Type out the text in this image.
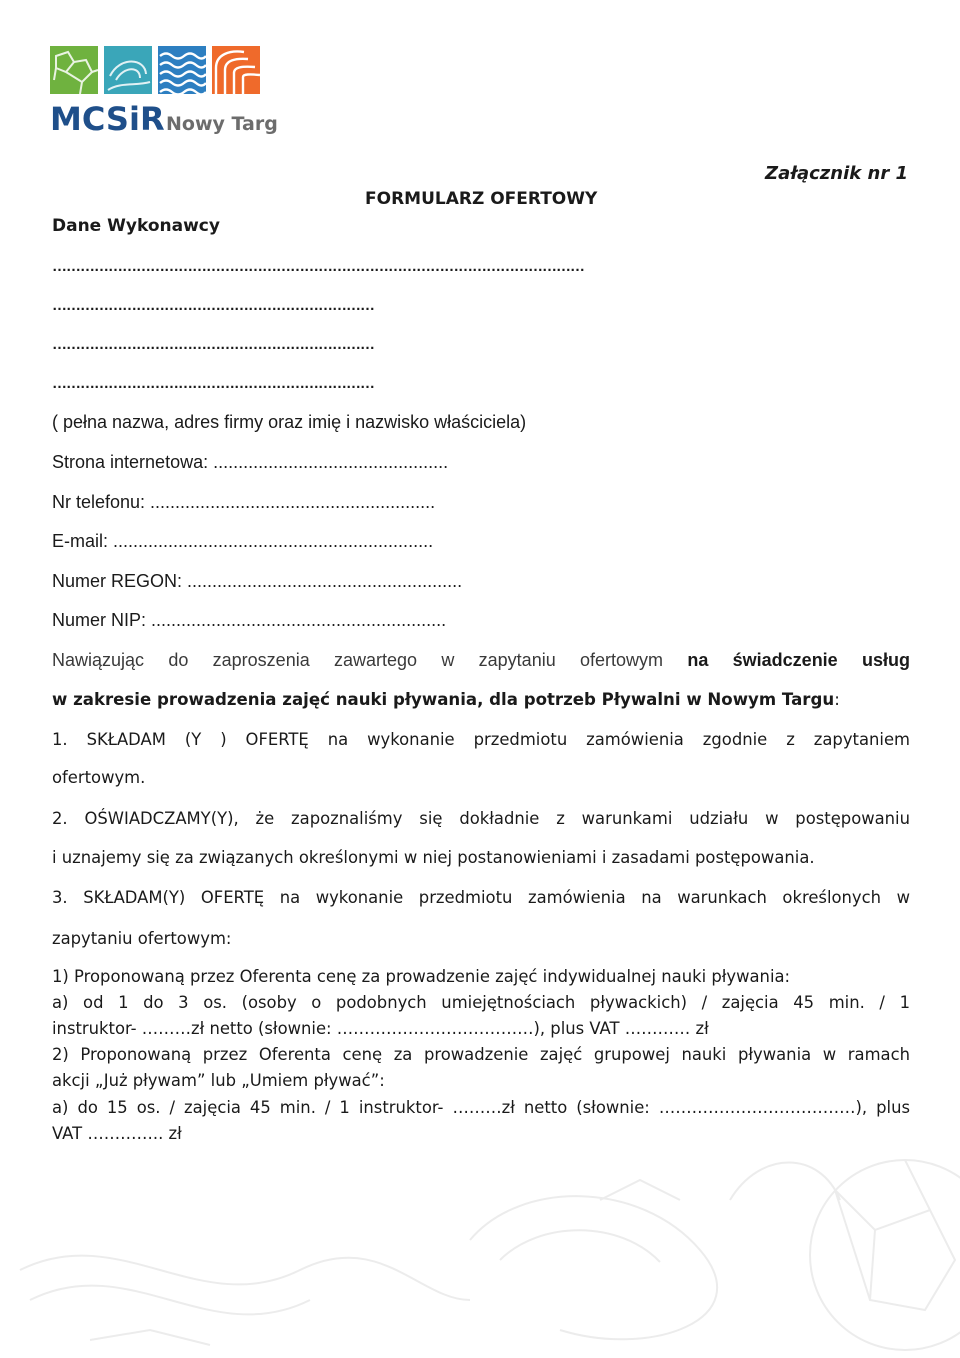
MCSiR Nowy Targ
Załącznik nr 1
FORMULARZ OFERTOWY
Dane Wykonawcy
……………………………………………………………………………………………………
……………………………………………………………
……………………………………………………………
……………………………………………………………
( pełna nazwa, adres firmy oraz imię i nazwisko właściciela)
Strona internetowa: ...............................................
Nr telefonu: .........................................................
E-mail: ................................................................
Numer REGON: .......................................................
Numer NIP: ...........................................................
Nawiązując do zaproszenia zawartego w zapytaniu ofertowym na świadczenie usług
w zakresie prowadzenia zajęć nauki pływania, dla potrzeb Pływalni w Nowym Targu:
1. SKŁADAM (Y ) OFERTĘ na wykonanie przedmiotu zamówienia zgodnie z zapytaniem
ofertowym.
2. OŚWIADCZAMY(Y), że zapoznaliśmy się dokładnie z warunkami udziału w postępowaniu
i uznajemy się za związanych określonymi w niej postanowieniami i zasadami postępowania.
3. SKŁADAM(Y) OFERTĘ na wykonanie przedmiotu zamówienia na warunkach określonych w
zapytaniu ofertowym:
1) Proponowaną przez Oferenta cenę za prowadzenie zajęć indywidualnej nauki pływania:
a) od 1 do 3 os. (osoby o podobnych umiejętnościach pływackich) / zajęcia 45 min. / 1
instruktor- ………zł netto (słownie: ………………………………), plus VAT ………… zł
2) Proponowaną przez Oferenta cenę za prowadzenie zajęć grupowej nauki pływania w ramach
akcji „Już pływam” lub „Umiem pływać”:
a) do 15 os. / zajęcia 45 min. / 1 instruktor- ………zł netto (słownie: ………………………………), plus
VAT ………….. zł
